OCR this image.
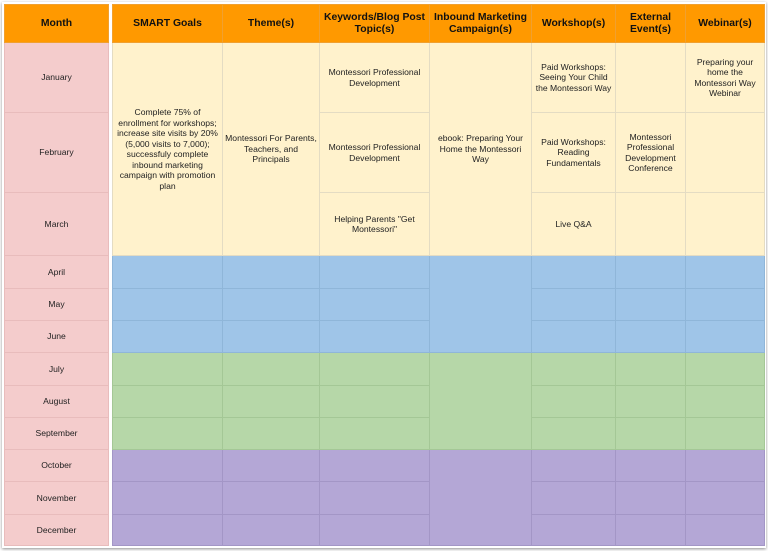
Month		SMART Goals	Theme(s)	Keywords/Blog Post Topic(s)	Inbound Marketing Campaign(s)	Workshop(s)	External Event(s)	Webinar(s)
January		Complete 75% of enrollment for workshops; increase site visits by 20% (5,000 visits to 7,000); successfuly complete inbound marketing campaign with promotion plan	Montessori For Parents, Teachers, and Principals	Montessori Professional Development	ebook: Preparing Your Home the Montessori Way	Paid Workshops: Seeing Your Child the Montessori Way		Preparing your home the Montessori Way Webinar
February				Montessori Professional Development		Paid Workshops: Reading Fundamentals	Montessori Professional Development Conference	
March				Helping Parents "Get Montessori"		Live Q&A		
April								
May								
June								
July								
August								
September								
October								
November								
December								
